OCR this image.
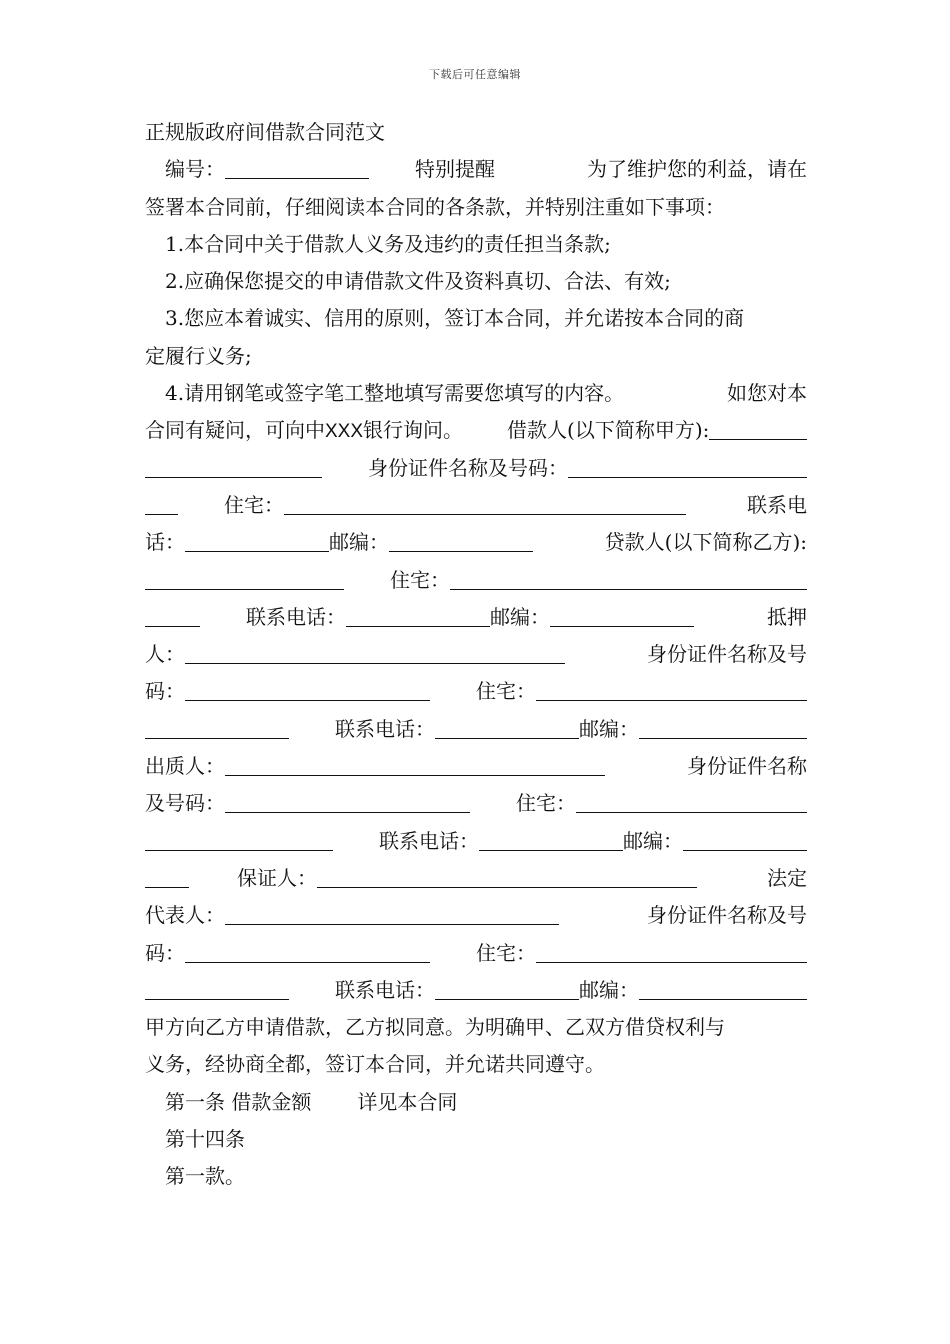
下载后可任意编辑
正规版政府间借款合同范文
编号：	特别提醒	为了维护您的利益，请在
签署本合同前，仔细阅读本合同的各条款，并特别注重如下事项：
1.本合同中关于借款人义务及违约的责任担当条款;
2.应确保您提交的申请借款文件及资料真切、合法、有效;
3.您应本着诚实、信用的原则，签订本合同，并允诺按本合同的商
定履行义务;
4.请用钢笔或签字笔工整地填写需要您填写的内容。	如您对本
合同有疑问，可向中 XXX 银行询问。 借款人(以下简称甲方):
身份证件名称及号码：
住宅：	联系电
话：	邮编：	贷款人(以下简称乙方):
住宅：
联系电话：	邮编：	抵押
人：	身份证件名称及号
码：	住宅：
联系电话：	邮编：
出质人：	身份证件名称
及号码：	住宅：
联系电话：	邮编：
保证人：	法定
代表人：	身份证件名称及号
码：	住宅：
联系电话：	邮编：
甲方向乙方申请借款，乙方拟同意。为明确甲、乙双方借贷权利与
义务，经协商全都，签订本合同，并允诺共同遵守。
第一条 借款金额 详见本合同
第十四条
第一款。
